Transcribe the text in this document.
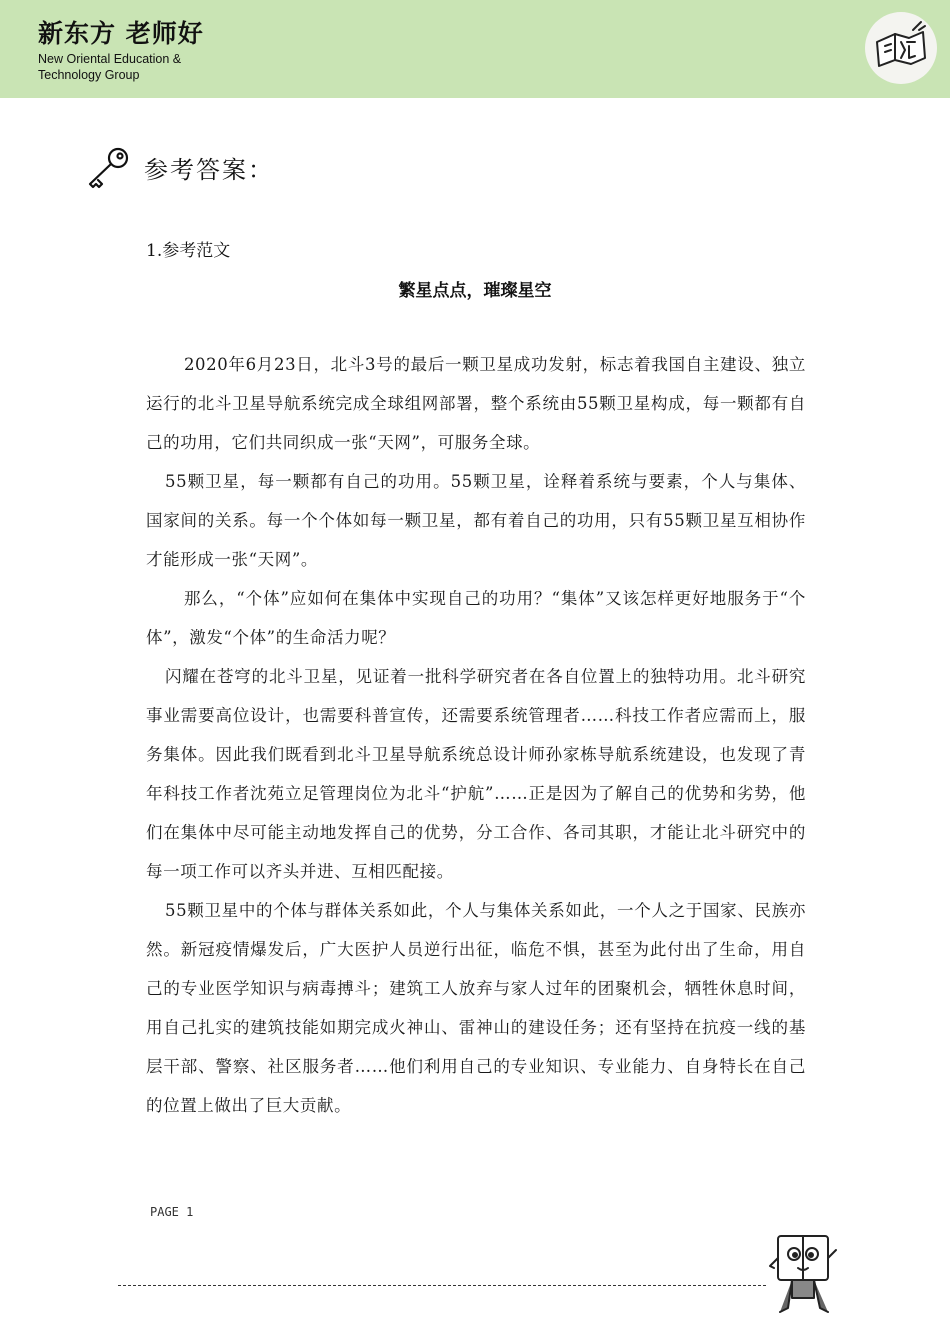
新东方 老师好
New Oriental Education &
Technology Group
参考答案：
1.参考范文
繁星点点，璀璨星空

2020年6月23日，北斗3号的最后一颗卫星成功发射，标志着我国自主建设、独立运行的北斗卫星导航系统完成全球组网部署，整个系统由55颗卫星构成，每一颗都有自己的功用，它们共同织成一张“天网”，可服务全球。

55颗卫星，每一颗都有自己的功用。55颗卫星，诠释着系统与要素，个人与集体、国家间的关系。每一个个体如每一颗卫星，都有着自己的功用，只有55颗卫星互相协作才能形成一张“天网”。

那么，“个体”应如何在集体中实现自己的功用？“集体”又该怎样更好地服务于“个体”，激发“个体”的生命活力呢？

闪耀在苍穹的北斗卫星，见证着一批科学研究者在各自位置上的独特功用。北斗研究事业需要高位设计，也需要科普宣传，还需要系统管理者……科技工作者应需而上，服务集体。因此我们既看到北斗卫星导航系统总设计师孙家栋导航系统建设，也发现了青年科技工作者沈苑立足管理岗位为北斗“护航”……正是因为了解自己的优势和劣势，他们在集体中尽可能主动地发挥自己的优势，分工合作、各司其职，才能让北斗研究中的每一项工作可以齐头并进、互相匹配接。

55颗卫星中的个体与群体关系如此，个人与集体关系如此，一个人之于国家、民族亦然。新冠疫情爆发后，广大医护人员逆行出征，临危不惧，甚至为此付出了生命，用自己的专业医学知识与病毒搏斗；建筑工人放弃与家人过年的团聚机会，牺牲休息时间，用自己扎实的建筑技能如期完成火神山、雷神山的建设任务；还有坚持在抗疫一线的基层干部、警察、社区服务者……他们利用自己的专业知识、专业能力、自身特长在自己的位置上做出了巨大贡献。

PAGE 1
